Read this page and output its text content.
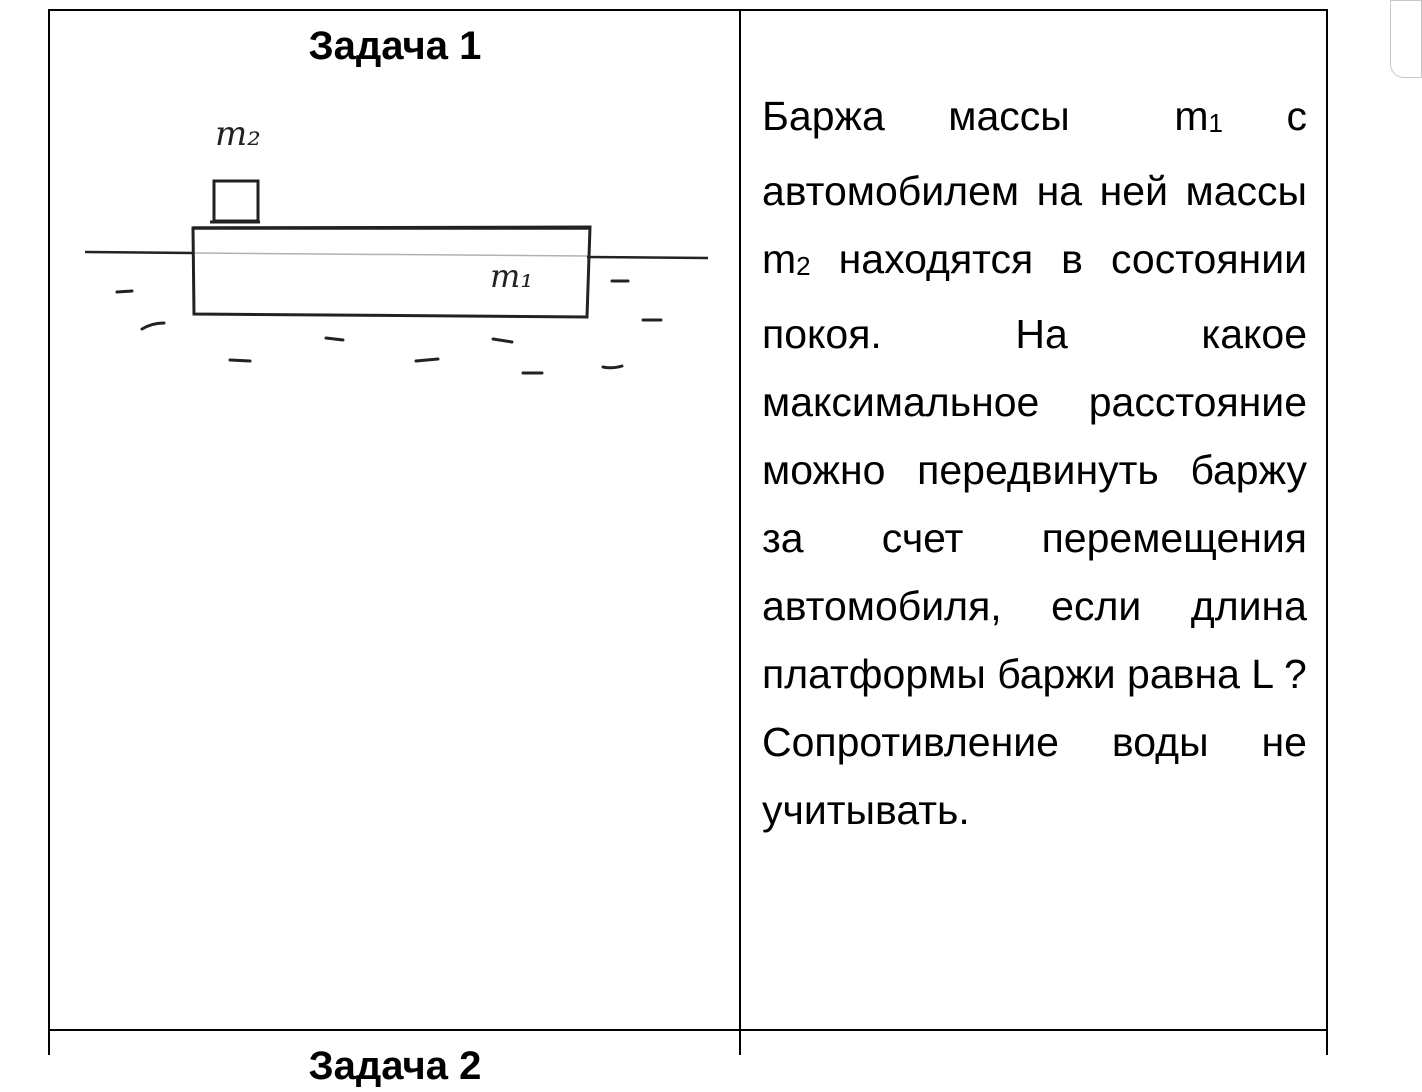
Задача 1
m₂
m₁

Баржа массы  $m_1$ с автомобилем на ней массы $m_2$ находятся в состоянии покоя. На какое максимальное расстояние можно передвинуть баржу за счет перемещения автомобиля, если длина платформы баржи равна L ?

Сопротивление воды не учитывать.

Задача 2
